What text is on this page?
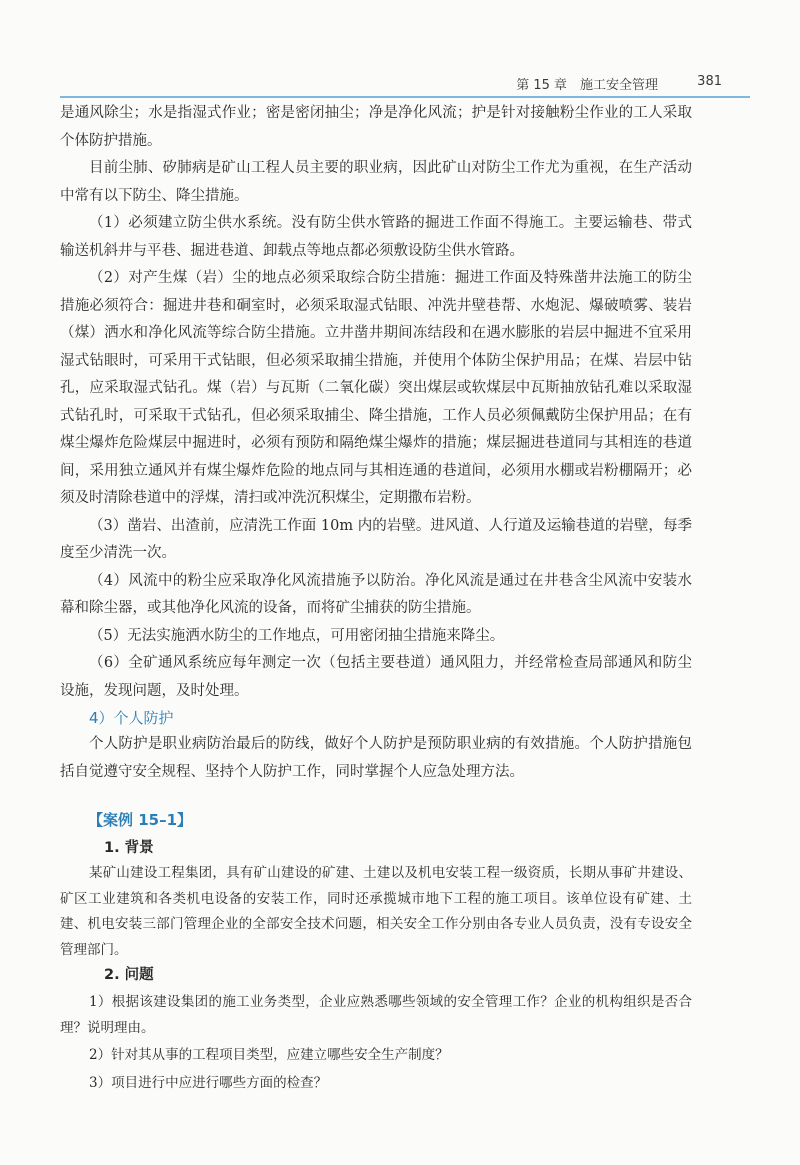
第 15 章　施工安全管理	381

是通风除尘；水是指湿式作业；密是密闭抽尘；净是净化风流；护是针对接触粉尘作业的工人采取个体防护措施。

目前尘肺、矽肺病是矿山工程人员主要的职业病，因此矿山对防尘工作尤为重视，在生产活动中常有以下防尘、降尘措施。

（1）必须建立防尘供水系统。没有防尘供水管路的掘进工作面不得施工。主要运输巷、带式输送机斜井与平巷、掘进巷道、卸载点等地点都必须敷设防尘供水管路。

（2）对产生煤（岩）尘的地点必须采取综合防尘措施：掘进工作面及特殊凿井法施工的防尘措施必须符合：掘进井巷和硐室时，必须采取湿式钻眼、冲洗井壁巷帮、水炮泥、爆破喷雾、装岩（煤）洒水和净化风流等综合防尘措施。立井凿井期间冻结段和在遇水膨胀的岩层中掘进不宜采用湿式钻眼时，可采用干式钻眼，但必须采取捕尘措施，并使用个体防尘保护用品；在煤、岩层中钻孔，应采取湿式钻孔。煤（岩）与瓦斯（二氧化碳）突出煤层或软煤层中瓦斯抽放钻孔难以采取湿式钻孔时，可采取干式钻孔，但必须采取捕尘、降尘措施，工作人员必须佩戴防尘保护用品；在有煤尘爆炸危险煤层中掘进时，必须有预防和隔绝煤尘爆炸的措施；煤层掘进巷道同与其相连的巷道间，采用独立通风并有煤尘爆炸危险的地点同与其相连通的巷道间，必须用水棚或岩粉棚隔开；必须及时清除巷道中的浮煤，清扫或冲洗沉积煤尘，定期撒布岩粉。

（3）凿岩、出渣前，应清洗工作面 10m 内的岩壁。进风道、人行道及运输巷道的岩壁，每季度至少清洗一次。

（4）风流中的粉尘应采取净化风流措施予以防治。净化风流是通过在井巷含尘风流中安装水幕和除尘器，或其他净化风流的设备，而将矿尘捕获的防尘措施。

（5）无法实施洒水防尘的工作地点，可用密闭抽尘措施来降尘。

（6）全矿通风系统应每年测定一次（包括主要巷道）通风阻力，并经常检查局部通风和防尘设施，发现问题，及时处理。

4）个人防护

个人防护是职业病防治最后的防线，做好个人防护是预防职业病的有效措施。个人防护措施包括自觉遵守安全规程、坚持个人防护工作，同时掌握个人应急处理方法。

【案例 15–1】
1. 背景

某矿山建设工程集团，具有矿山建设的矿建、土建以及机电安装工程一级资质，长期从事矿井建设、矿区工业建筑和各类机电设备的安装工作，同时还承揽城市地下工程的施工项目。该单位设有矿建、土建、机电安装三部门管理企业的全部安全技术问题，相关安全工作分别由各专业人员负责，没有专设安全管理部门。

2. 问题

1）根据该建设集团的施工业务类型，企业应熟悉哪些领域的安全管理工作？企业的机构组织是否合理？说明理由。

2）针对其从事的工程项目类型，应建立哪些安全生产制度？

3）项目进行中应进行哪些方面的检查？
